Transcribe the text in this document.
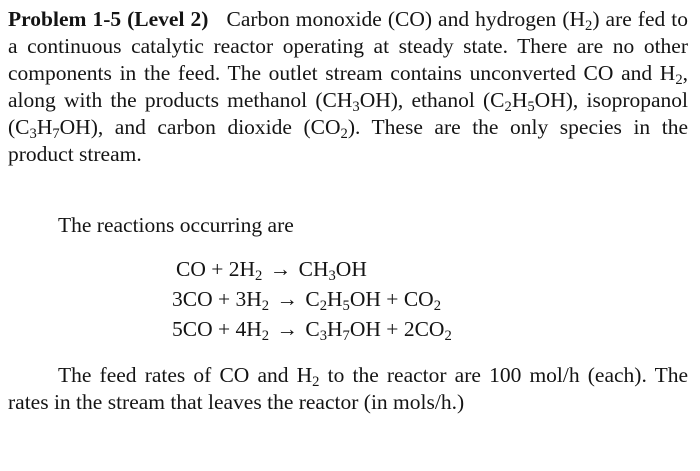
Problem 1-5 (Level 2) Carbon monoxide (CO) and hydrogen $(H_2)$ are fed to a continuous catalytic reactor operating at steady state. There are no other components in the feed. The outlet stream contains unconverted CO and $H_2$, along with the products methanol $(CH_3OH)$, ethanol $(C_2H_5OH)$, isopropanol $(C_3H_7OH)$, and carbon dioxide $(CO_2)$. These are the only species in the product stream.

The reactions occurring are

CO + $2H_2 \to CH_3OH$
$3CO + 3H_2 \to C_2H_5OH + CO_2$
$5CO + 4H_2 \to C_3H_7OH + 2CO_2$

The feed rates of CO and $H_2$ to the reactor are 100 mol/h (each). The rates in the stream that leaves the reactor (in mols/h.)
